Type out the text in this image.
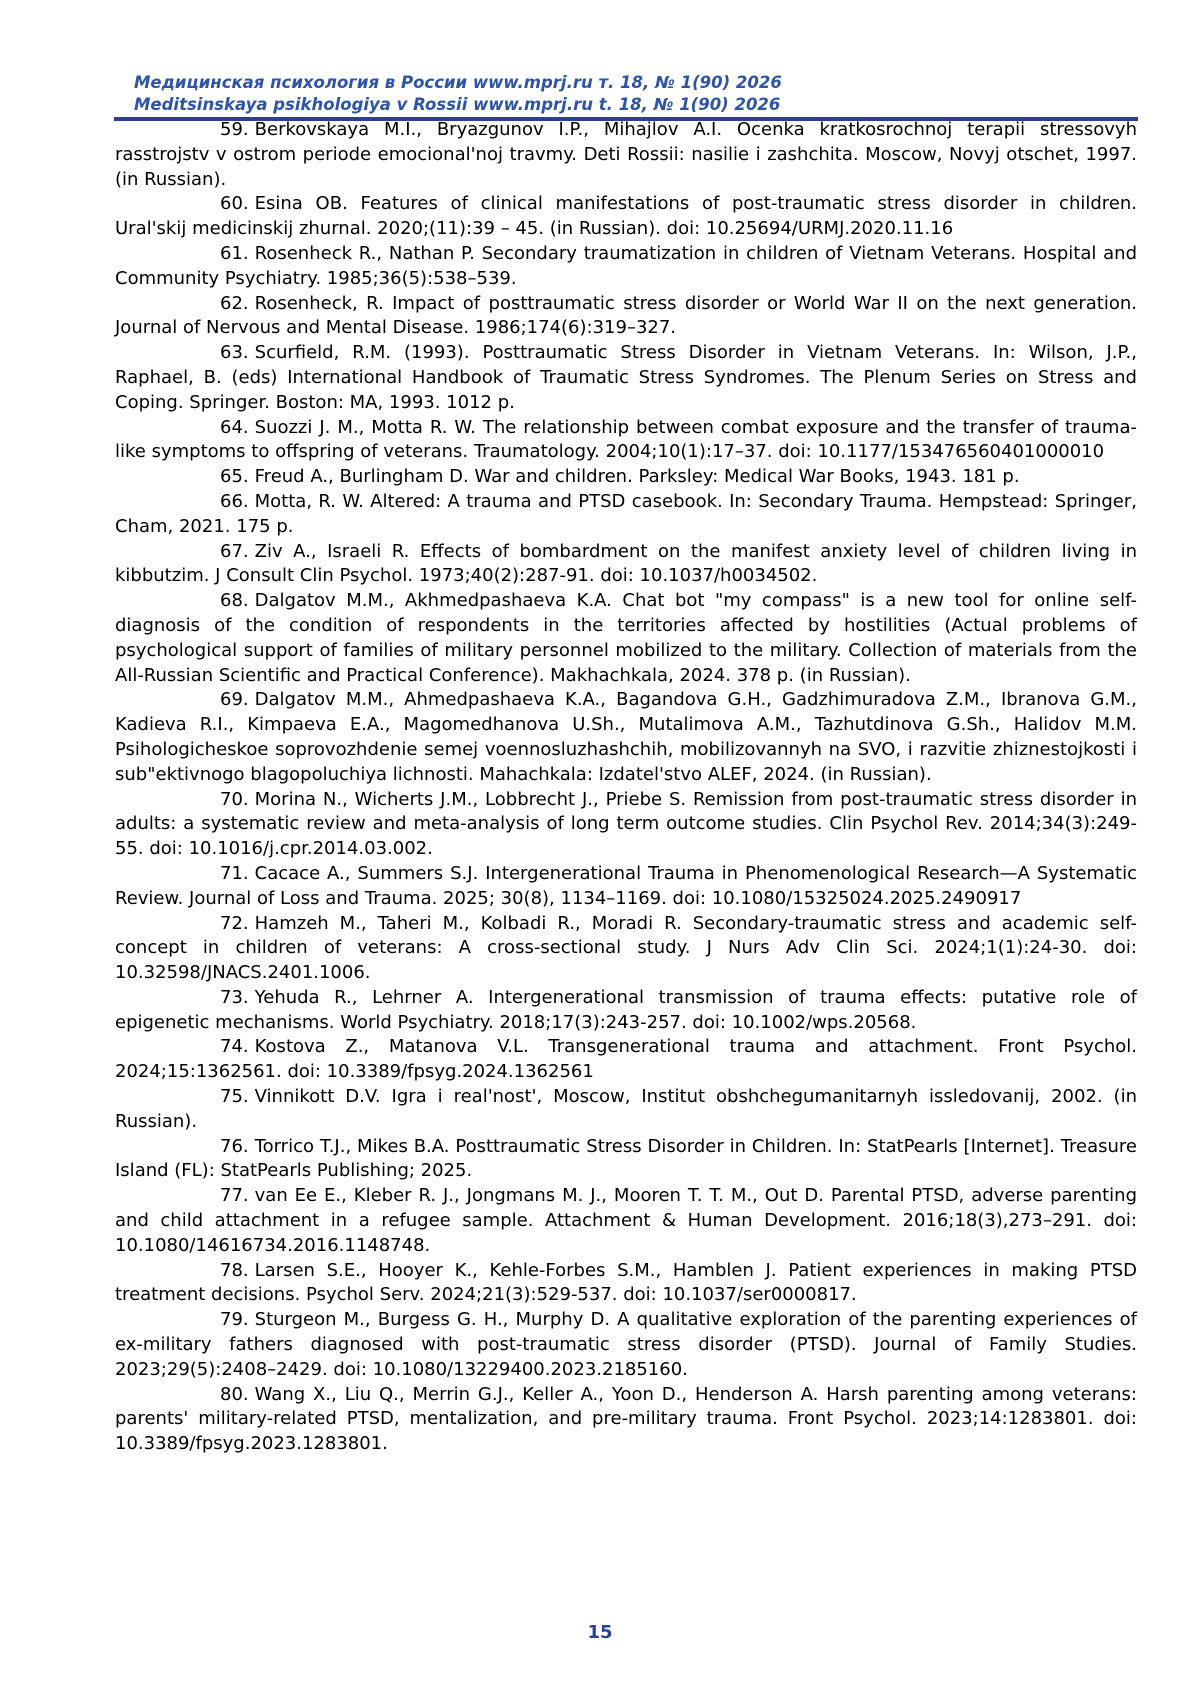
Медицинская психология в России www.mprj.ru т. 18, № 1(90) 2026
Meditsinskaya psikhologiya v Rossii www.mprj.ru t. 18, № 1(90) 2026

59. Berkovskaya M.I., Bryazgunov I.P., Mihajlov A.I. Ocenka kratkosrochnoj terapii stressovyh rasstrojstv v ostrom periode emocional'noj travmy. Deti Rossii: nasilie i zashchita. Moscow, Novyj otschet, 1997. (in Russian).

60. Esina OB. Features of clinical manifestations of post-traumatic stress disorder in children. Ural'skij medicinskij zhurnal. 2020;(11):39 – 45. (in Russian). doi: 10.25694/URMJ.2020.11.16

61. Rosenheck R., Nathan P. Secondary traumatization in children of Vietnam Veterans. Hospital and Community Psychiatry. 1985;36(5):538–539.

62. Rosenheck, R. Impact of posttraumatic stress disorder or World War II on the next generation. Journal of Nervous and Mental Disease. 1986;174(6):319–327.

63. Scurfield, R.M. (1993). Posttraumatic Stress Disorder in Vietnam Veterans. In: Wilson, J.P., Raphael, B. (eds) International Handbook of Traumatic Stress Syndromes. The Plenum Series on Stress and Coping. Springer. Boston: MA, 1993. 1012 p.

64. Suozzi J. M., Motta R. W. The relationship between combat exposure and the transfer of trauma-like symptoms to offspring of veterans. Traumatology. 2004;10(1):17–37. doi: 10.1177/153476560401000010

65. Freud A., Burlingham D. War and children. Parksley: Medical War Books, 1943. 181 p.

66. Motta, R. W. Altered: A trauma and PTSD casebook. In: Secondary Trauma. Hempstead: Springer, Cham, 2021. 175 p.

67. Ziv A., Israeli R. Effects of bombardment on the manifest anxiety level of children living in kibbutzim. J Consult Clin Psychol. 1973;40(2):287-91. doi: 10.1037/h0034502.

68. Dalgatov M.M., Akhmedpashaeva K.A. Chat bot "my compass" is a new tool for online self-diagnosis of the condition of respondents in the territories affected by hostilities (Actual problems of psychological support of families of military personnel mobilized to the military. Collection of materials from the All-Russian Scientific and Practical Conference). Makhachkala, 2024. 378 p. (in Russian).

69. Dalgatov M.M., Ahmedpashaeva K.A., Bagandova G.H., Gadzhimuradova Z.M., Ibranova G.M., Kadieva R.I., Kimpaeva E.A., Magomedhanova U.Sh., Mutalimova A.M., Tazhutdinova G.Sh., Halidov M.M. Psihologicheskoe soprovozhdenie semej voennosluzhashchih, mobilizovannyh na SVO, i razvitie zhiznestojkosti i sub"ektivnogo blagopoluchiya lichnosti. Mahachkala: Izdatel'stvo ALEF, 2024. (in Russian).

70. Morina N., Wicherts J.M., Lobbrecht J., Priebe S. Remission from post-traumatic stress disorder in adults: a systematic review and meta-analysis of long term outcome studies. Clin Psychol Rev. 2014;34(3):249-55. doi: 10.1016/j.cpr.2014.03.002.

71. Cacace A., Summers S.J. Intergenerational Trauma in Phenomenological Research—A Systematic Review. Journal of Loss and Trauma. 2025; 30(8), 1134–1169. doi: 10.1080/15325024.2025.2490917

72. Hamzeh M., Taheri M., Kolbadi R., Moradi R. Secondary-traumatic stress and academic self-concept in children of veterans: A cross-sectional study. J Nurs Adv Clin Sci. 2024;1(1):24-30. doi: 10.32598/JNACS.2401.1006.

73. Yehuda R., Lehrner A. Intergenerational transmission of trauma effects: putative role of epigenetic mechanisms. World Psychiatry. 2018;17(3):243-257. doi: 10.1002/wps.20568.

74. Kostova Z., Matanova V.L. Transgenerational trauma and attachment. Front Psychol. 2024;15:1362561. doi: 10.3389/fpsyg.2024.1362561

75. Vinnikott D.V. Igra i real'nost', Moscow, Institut obshchegumanitarnyh issledovanij, 2002. (in Russian).

76. Torrico T.J., Mikes B.A. Posttraumatic Stress Disorder in Children. In: StatPearls [Internet]. Treasure Island (FL): StatPearls Publishing; 2025.

77. van Ee E., Kleber R. J., Jongmans M. J., Mooren T. T. M., Out D. Parental PTSD, adverse parenting and child attachment in a refugee sample. Attachment & Human Development. 2016;18(3),273–291. doi: 10.1080/14616734.2016.1148748.

78. Larsen S.E., Hooyer K., Kehle-Forbes S.M., Hamblen J. Patient experiences in making PTSD treatment decisions. Psychol Serv. 2024;21(3):529-537. doi: 10.1037/ser0000817.

79. Sturgeon M., Burgess G. H., Murphy D. A qualitative exploration of the parenting experiences of ex-military fathers diagnosed with post-traumatic stress disorder (PTSD). Journal of Family Studies. 2023;29(5):2408–2429. doi: 10.1080/13229400.2023.2185160.

80. Wang X., Liu Q., Merrin G.J., Keller A., Yoon D., Henderson A. Harsh parenting among veterans: parents' military-related PTSD, mentalization, and pre-military trauma. Front Psychol. 2023;14:1283801. doi: 10.3389/fpsyg.2023.1283801.

15
